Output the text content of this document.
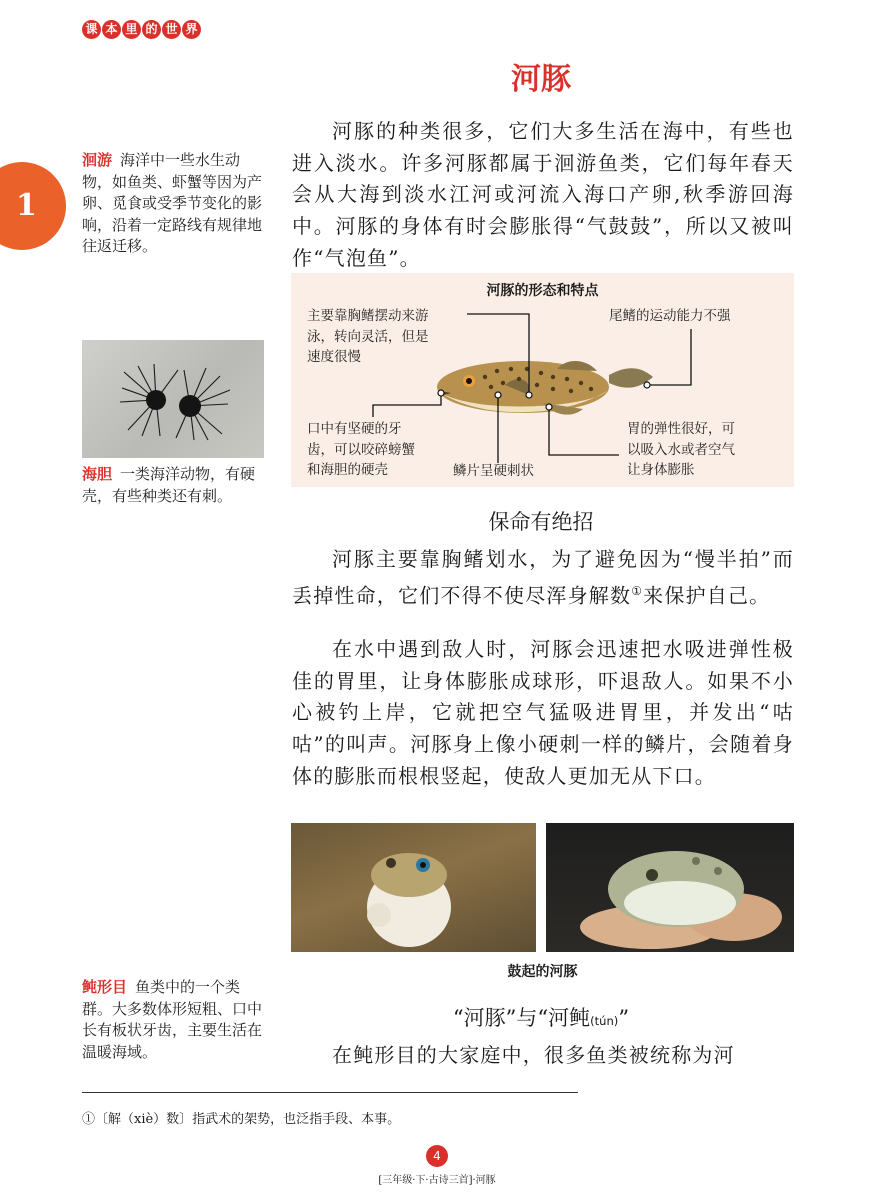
课 本 里 的 世 界
1
洄游 海洋中一些水生动物，如鱼类、虾蟹等因为产卵、觅食或受季节变化的影响，沿着一定路线有规律地往返迁移。
海胆 一类海洋动物，有硬壳，有些种类还有刺。
鲀形目 鱼类中的一个类群。大多数体形短粗、口中长有板状牙齿，主要生活在温暖海域。
河豚

河豚的种类很多，它们大多生活在海中，有些也进入淡水。许多河豚都属于洄游鱼类，它们每年春天会从大海到淡水江河或河流入海口产卵,秋季游回海中。河豚的身体有时会膨胀得“气鼓鼓”，所以又被叫作“气泡鱼”。

河豚的形态和特点
主要靠胸鳍摆动来游
泳，转向灵活，但是
速度很慢
尾鳍的运动能力不强
口中有坚硬的牙
齿，可以咬碎螃蟹
和海胆的硬壳	鳞片呈硬刺状
胃的弹性很好，可
以吸入水或者空气
让身体膨胀
保命有绝招

河豚主要靠胸鳍划水，为了避免因为“慢半拍”而丢掉性命，它们不得不使尽浑身解数①来保护自己。

在水中遇到敌人时，河豚会迅速把水吸进弹性极佳的胃里，让身体膨胀成球形，吓退敌人。如果不小心被钓上岸，它就把空气猛吸进胃里，并发出“咕咕”的叫声。河豚身上像小硬刺一样的鳞片，会随着身体的膨胀而根根竖起，使敌人更加无从下口。

鼓起的河豚
“河豚”与“河鲀(tún)”

在鲀形目的大家庭中，很多鱼类被统称为河

①〔解（xiè）数〕指武术的架势，也泛指手段、本事。
4
[三年级·下·古诗三首]·河豚
